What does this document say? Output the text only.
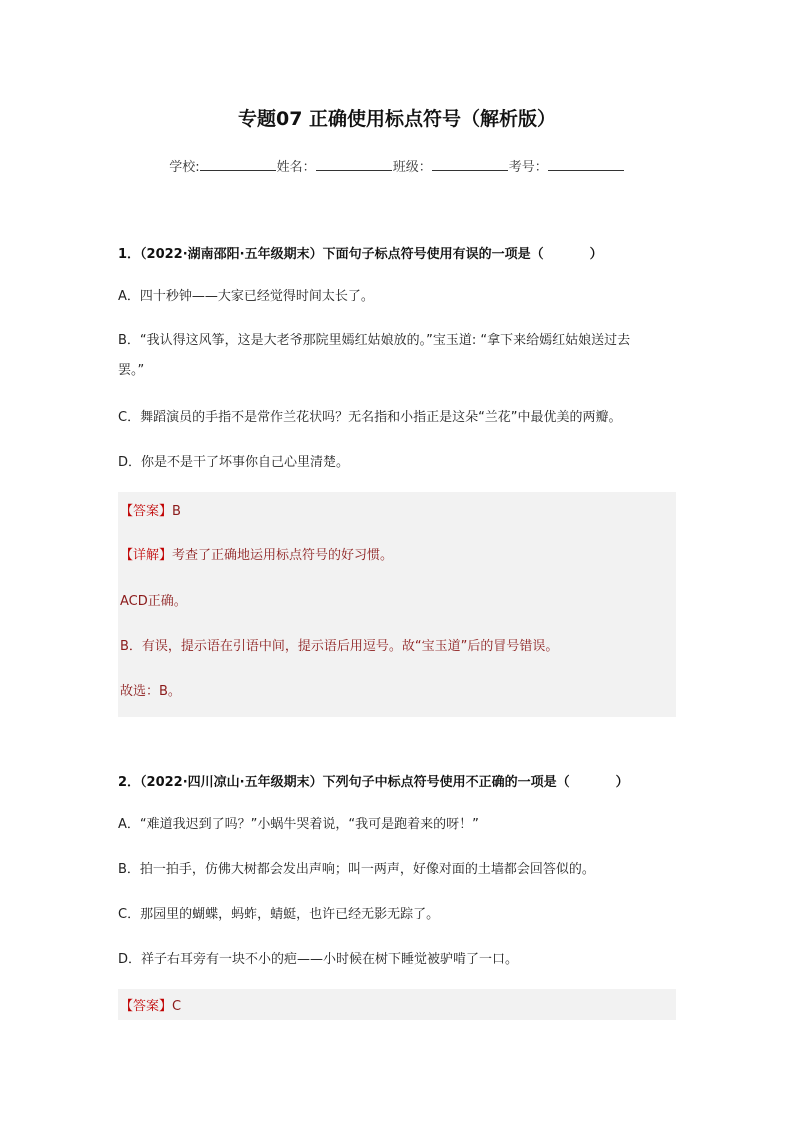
专题07 正确使用标点符号（解析版）
学校:	姓名：	班级：	考号：
1．（2022·湖南邵阳·五年级期末）下面句子标点符号使用有误的一项是（	）
A．四十秒钟——大家已经觉得时间太长了。
B．“我认得这风筝，这是大老爷那院里嫣红姑娘放的。”宝玉道: “拿下来给嫣红姑娘送过去
罢。”
C．舞蹈演员的手指不是常作兰花状吗？无名指和小指正是这朵“兰花”中最优美的两瓣。
D．你是不是干了坏事你自己心里清楚。
【答案】B
【详解】考查了正确地运用标点符号的好习惯。
ACD正确。
B．有误，提示语在引语中间，提示语后用逗号。故“宝玉道”后的冒号错误。
故选：B。
2．（2022·四川凉山·五年级期末）下列句子中标点符号使用不正确的一项是（	）
A．“难道我迟到了吗？”小蜗牛哭着说，“我可是跑着来的呀！”
B．拍一拍手，仿佛大树都会发出声响；叫一两声，好像对面的土墙都会回答似的。
C．那园里的蝴蝶，蚂蚱，蜻蜓，也许已经无影无踪了。
D．祥子右耳旁有一块不小的疤——小时候在树下睡觉被驴啃了一口。
【答案】C
